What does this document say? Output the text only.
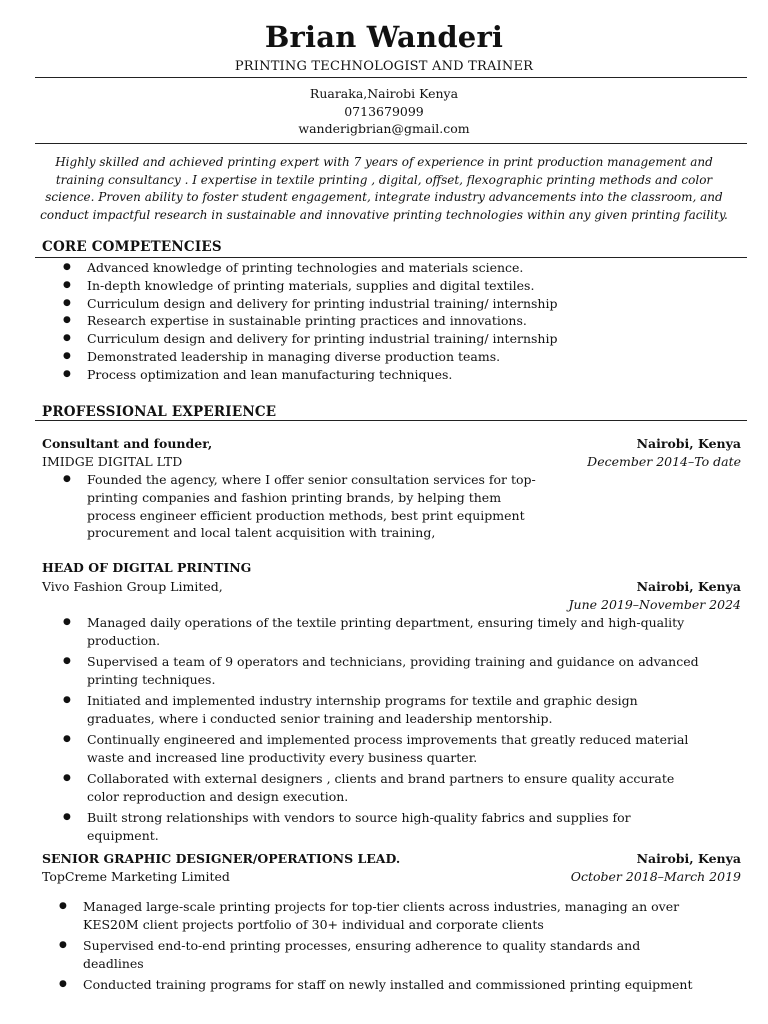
Brian Wanderi
PRINTING TECHNOLOGIST AND TRAINER
Ruaraka,Nairobi Kenya
0713679099
wanderigbrian@gmail.com
Highly skilled and achieved printing expert with 7 years of experience in print production management and training consultancy . I expertise in textile printing , digital, offset, flexographic printing methods and color science. Proven ability to foster student engagement, integrate industry advancements into the classroom, and conduct impactful research in sustainable and innovative printing technologies within any given printing facility.
CORE COMPETENCIES
● Advanced knowledge of printing technologies and materials science.
● In-depth knowledge of printing materials, supplies and digital textiles.
● Curriculum design and delivery for printing industrial training/ internship
● Research expertise in sustainable printing practices and innovations.
● Curriculum design and delivery for printing industrial training/ internship
● Demonstrated leadership in managing diverse production teams.
● Process optimization and lean manufacturing techniques.
PROFESSIONAL EXPERIENCE
Consultant and founder,	Nairobi, Kenya
IMIDGE DIGITAL LTD	December 2014–To date
● Founded the agency, where I offer senior consultation services for top-printing companies and fashion printing brands, by helping them process engineer efficient production methods, best print equipment procurement and local talent acquisition with training,
HEAD OF DIGITAL PRINTING
Vivo Fashion Group Limited,	Nairobi, Kenya
June 2019–November 2024
● Managed daily operations of the textile printing department, ensuring timely and high-quality production.
● Supervised a team of 9 operators and technicians, providing training and guidance on advanced printing techniques.
● Initiated and implemented industry internship programs for textile and graphic design graduates, where i conducted senior training and leadership mentorship.
● Continually engineered and implemented process improvements that greatly reduced material waste and increased line productivity every business quarter.
● Collaborated with external designers , clients and brand partners to ensure quality accurate color reproduction and design execution.
● Built strong relationships with vendors to source high-quality fabrics and supplies for equipment.
SENIOR GRAPHIC DESIGNER/OPERATIONS LEAD.	Nairobi, Kenya
TopCreme Marketing Limited	October 2018–March 2019
● Managed large-scale printing projects for top-tier clients across industries, managing an over KES20M client projects portfolio of 30+ individual and corporate clients
● Supervised end-to-end printing processes, ensuring adherence to quality standards and deadlines
● Conducted training programs for staff on newly installed and commissioned printing equipment
